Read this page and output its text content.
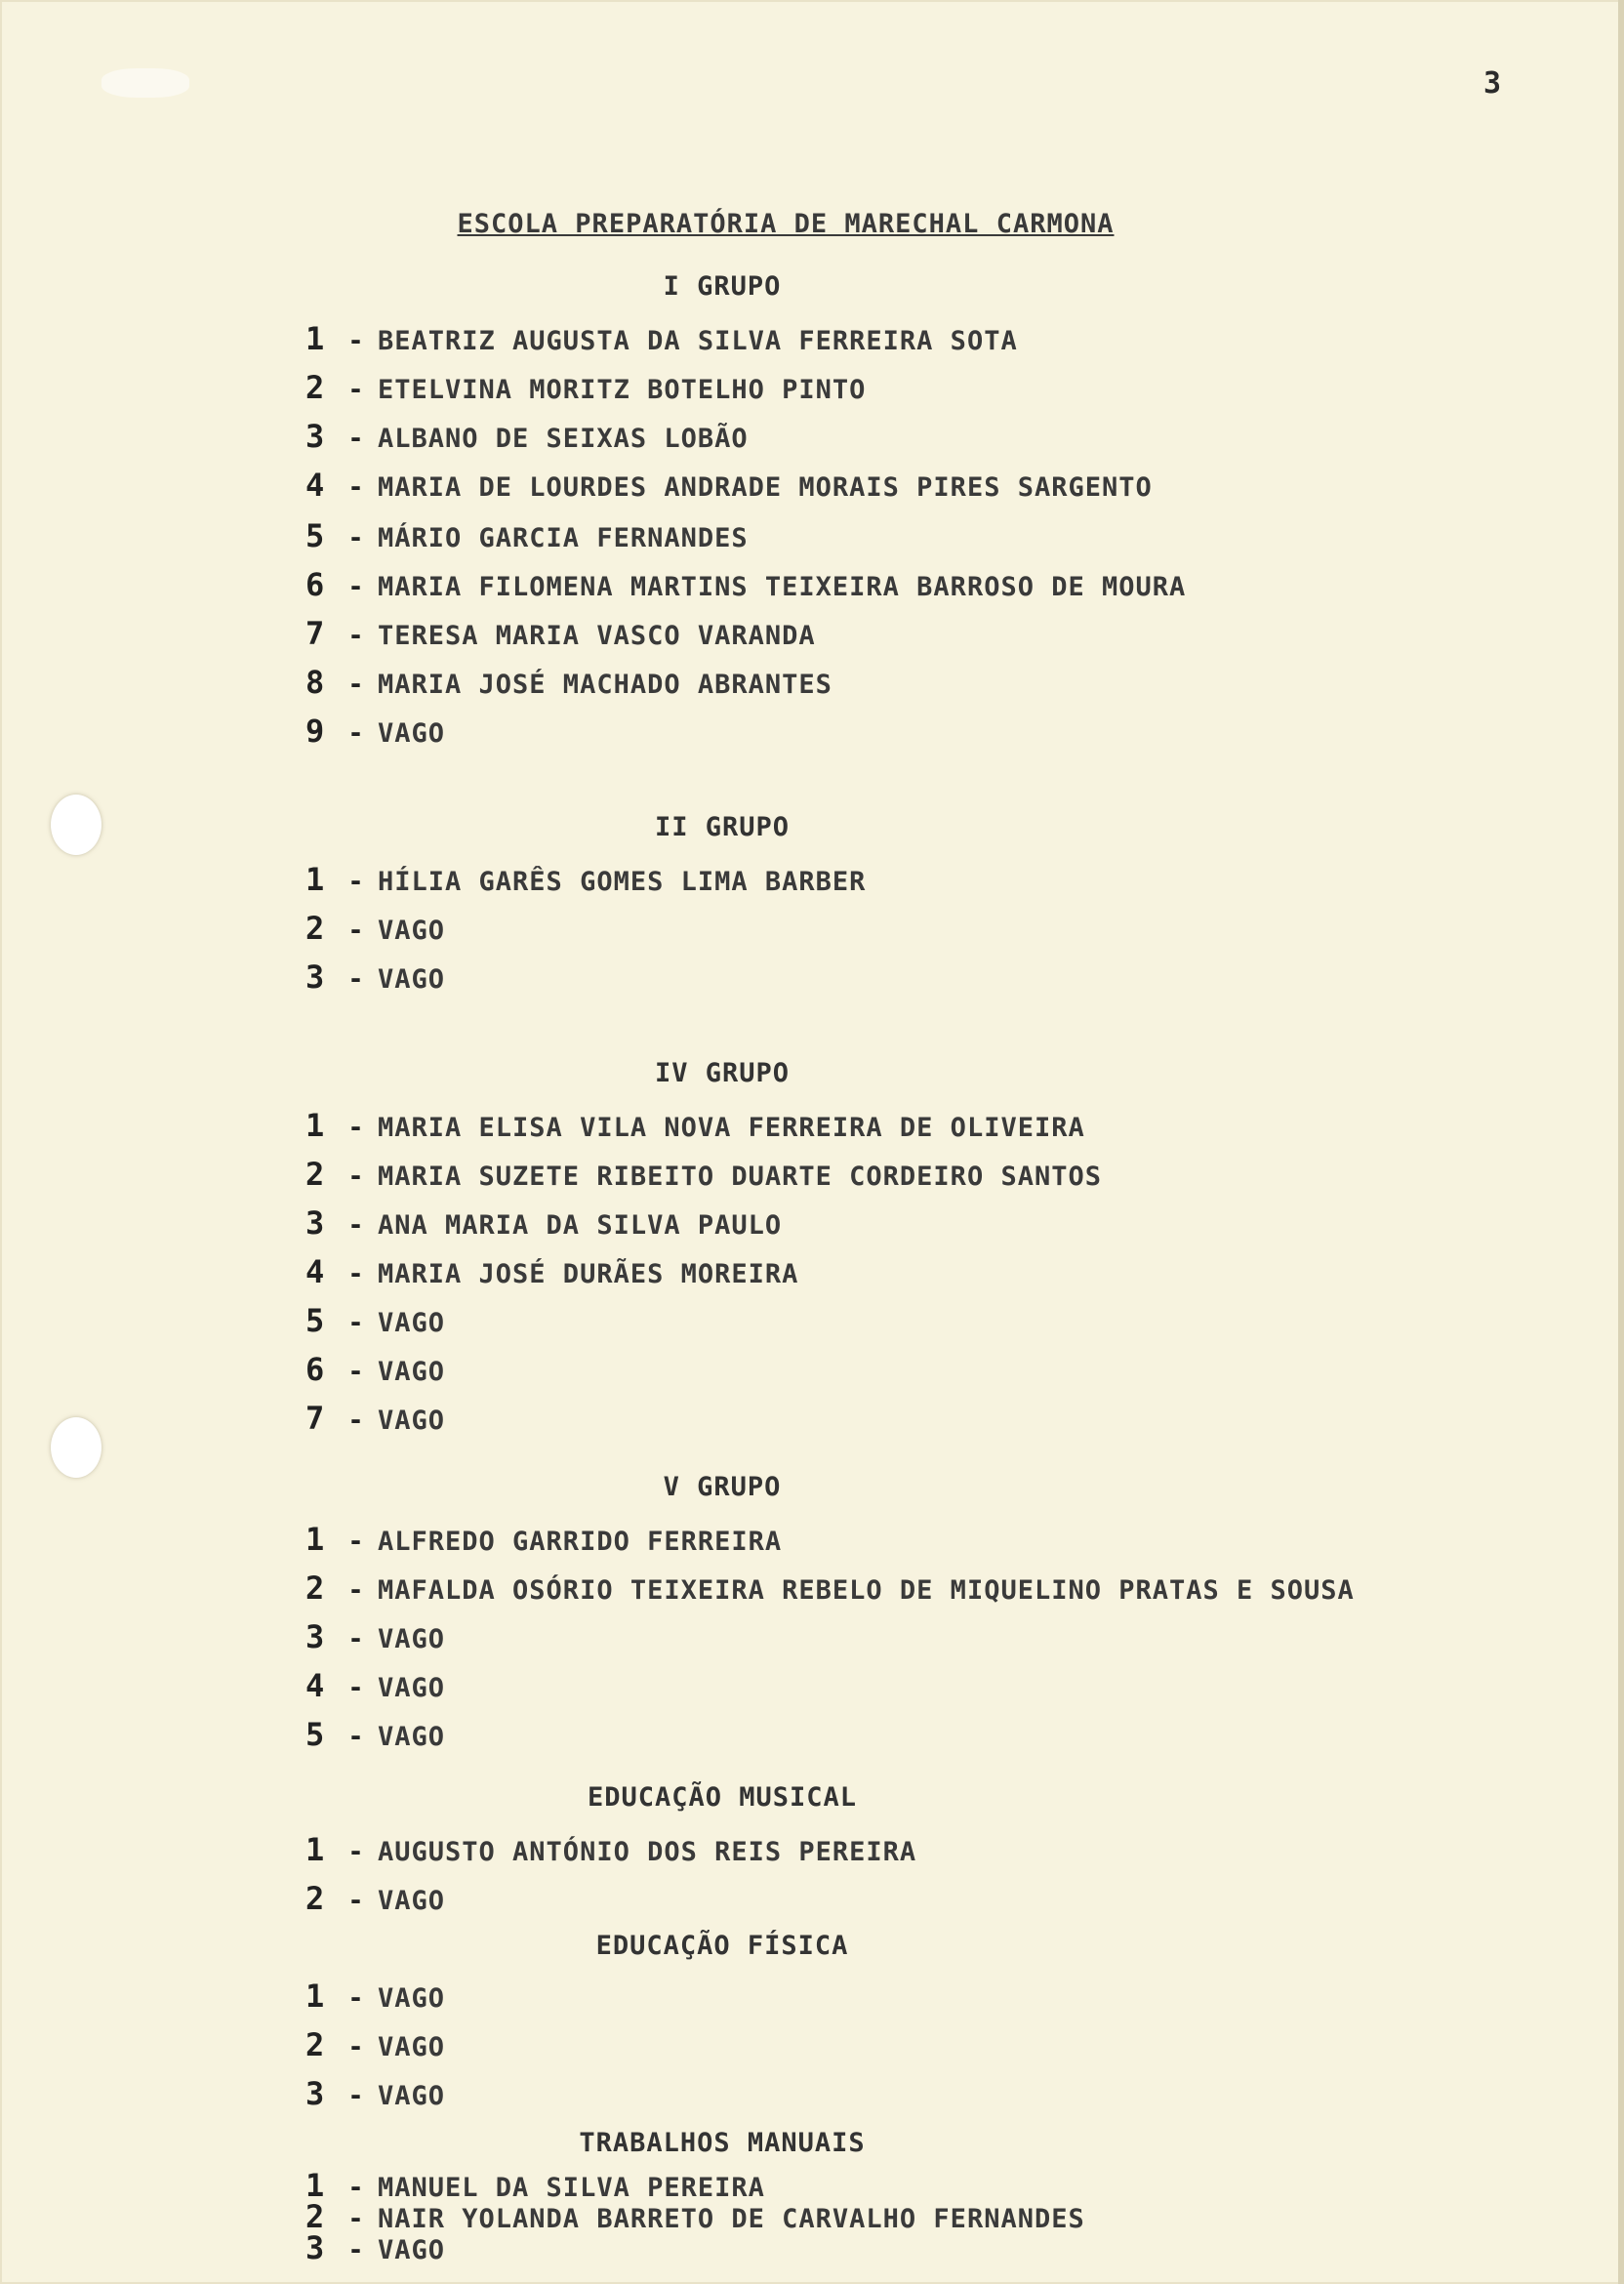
3
ESCOLA PREPARATÓRIA DE MARECHAL CARMONA
I GRUPO
1 - BEATRIZ AUGUSTA DA SILVA FERREIRA SOTA
2 - ETELVINA MORITZ BOTELHO PINTO
3 - ALBANO DE SEIXAS LOBÃO
4 - MARIA DE LOURDES ANDRADE MORAIS PIRES SARGENTO
5 - MÁRIO GARCIA FERNANDES
6 - MARIA FILOMENA MARTINS TEIXEIRA BARROSO DE MOURA
7 - TERESA MARIA VASCO VARANDA
8 - MARIA JOSÉ MACHADO ABRANTES
9 - VAGO
II GRUPO
1 - HÍLIA GARÊS GOMES LIMA BARBER
2 - VAGO
3 - VAGO
IV GRUPO
1 - MARIA ELISA VILA NOVA FERREIRA DE OLIVEIRA
2 - MARIA SUZETE RIBEITO DUARTE CORDEIRO SANTOS
3 - ANA MARIA DA SILVA PAULO
4 - MARIA JOSÉ DURÃES MOREIRA
5 - VAGO
6 - VAGO
7 - VAGO
V GRUPO
1 - ALFREDO GARRIDO FERREIRA
2 - MAFALDA OSÓRIO TEIXEIRA REBELO DE MIQUELINO PRATAS E SOUSA
3 - VAGO
4 - VAGO
5 - VAGO
EDUCAÇÃO MUSICAL
1 - AUGUSTO ANTÓNIO DOS REIS PEREIRA
2 - VAGO
EDUCAÇÃO FÍSICA
1 - VAGO
2 - VAGO
3 - VAGO
TRABALHOS MANUAIS
1 - MANUEL DA SILVA PEREIRA
2 - NAIR YOLANDA BARRETO DE CARVALHO FERNANDES
3 - VAGO
